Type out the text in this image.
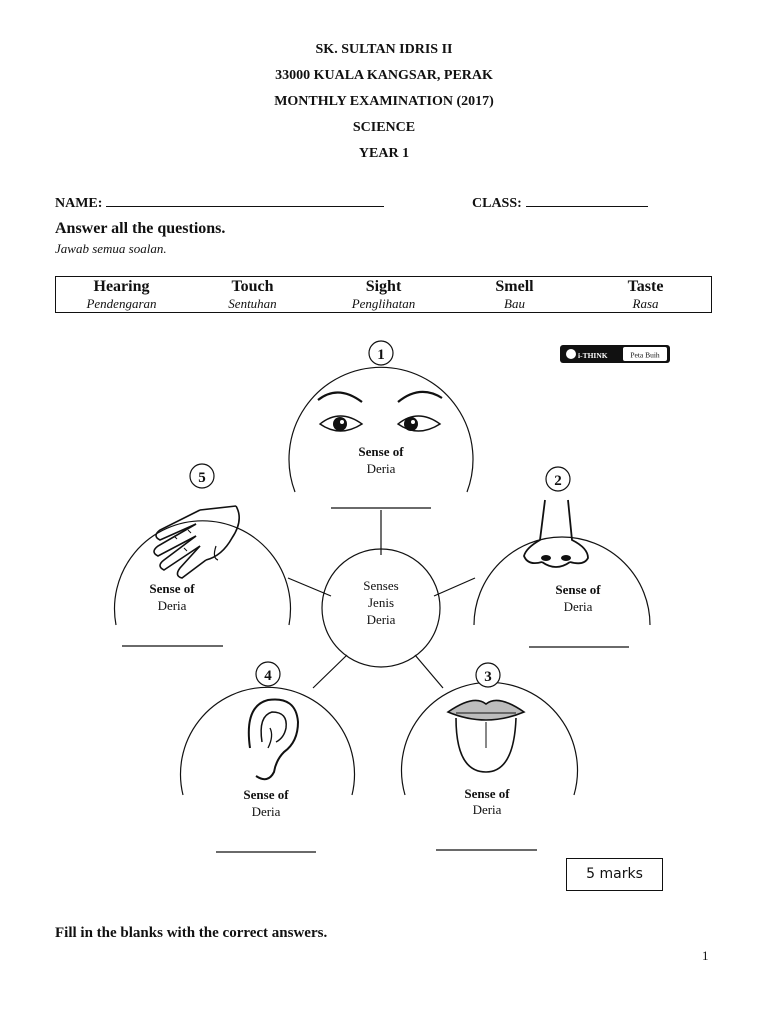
SK. SULTAN IDRIS II
33000 KUALA KANGSAR, PERAK
MONTHLY EXAMINATION (2017)
SCIENCE
YEAR 1
NAME:	CLASS:
Answer all the questions.
Jawab semua soalan.
Hearing
Pendengaran
Touch
Sentuhan
Sight
Penglihatan
Smell
Bau
Taste
Rasa
i-THINK	Peta Buih
Senses
Jenis
Deria
1
Sense of
Deria
2
Sense of
Deria
3
Sense of
Deria
4
Sense of
Deria
5
Sense of
Deria
5 marks
Fill in the blanks with the correct answers.
1
